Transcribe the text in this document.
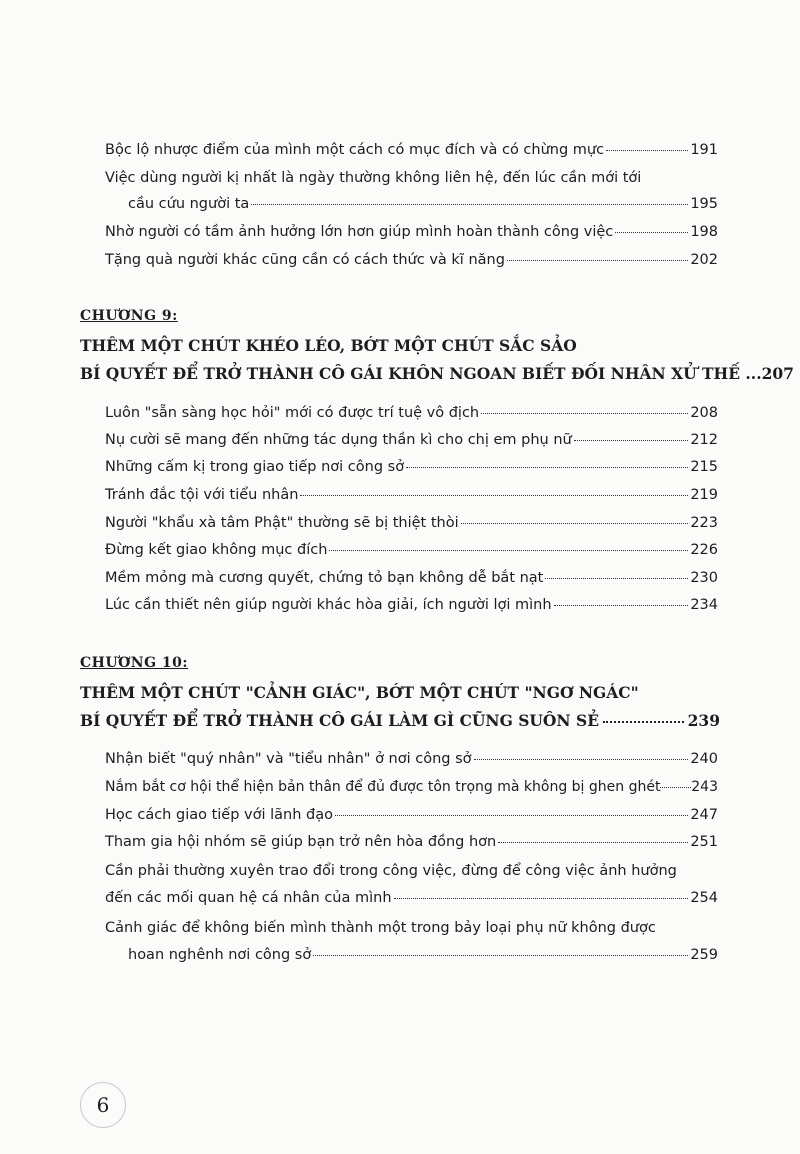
Bộc lộ nhược điểm của mình một cách có mục đích và có chừng mực	191
Việc dùng người kị nhất là ngày thường không liên hệ, đến lúc cần mới tới
cầu cứu người ta	195
Nhờ người có tầm ảnh hưởng lớn hơn giúp mình hoàn thành công việc	198
Tặng quà người khác cũng cần có cách thức và kĩ năng	202
CHƯƠNG 9:
THÊM MỘT CHÚT KHÉO LÉO, BỚT MỘT CHÚT SẮC SẢO
BÍ QUYẾT ĐỂ TRỞ THÀNH CÔ GÁI KHÔN NGOAN BIẾT ĐỐI NHÂN XỬ THẾ ... 207
Luôn "sẵn sàng học hỏi" mới có được trí tuệ vô địch	208
Nụ cười sẽ mang đến những tác dụng thần kì cho chị em phụ nữ	212
Những cấm kị trong giao tiếp nơi công sở	215
Tránh đắc tội với tiểu nhân	219
Người "khẩu xà tâm Phật" thường sẽ bị thiệt thòi	223
Đừng kết giao không mục đích	226
Mềm mỏng mà cương quyết, chứng tỏ bạn không dễ bắt nạt	230
Lúc cần thiết nên giúp người khác hòa giải, ích người lợi mình	234
CHƯƠNG 10:
THÊM MỘT CHÚT "CẢNH GIÁC", BỚT MỘT CHÚT "NGƠ NGÁC"
BÍ QUYẾT ĐỂ TRỞ THÀNH CÔ GÁI LÀM GÌ CŨNG SUÔN SẺ	239
Nhận biết "quý nhân" và "tiểu nhân" ở nơi công sở	240
Nắm bắt cơ hội thể hiện bản thân để đủ được tôn trọng mà không bị ghen ghét 243
Học cách giao tiếp với lãnh đạo	247
Tham gia hội nhóm sẽ giúp bạn trở nên hòa đồng hơn	251
Cần phải thường xuyên trao đổi trong công việc, đừng để công việc ảnh hưởng
đến các mối quan hệ cá nhân của mình	254
Cảnh giác để không biến mình thành một trong bảy loại phụ nữ không được
hoan nghênh nơi công sở	259
6
